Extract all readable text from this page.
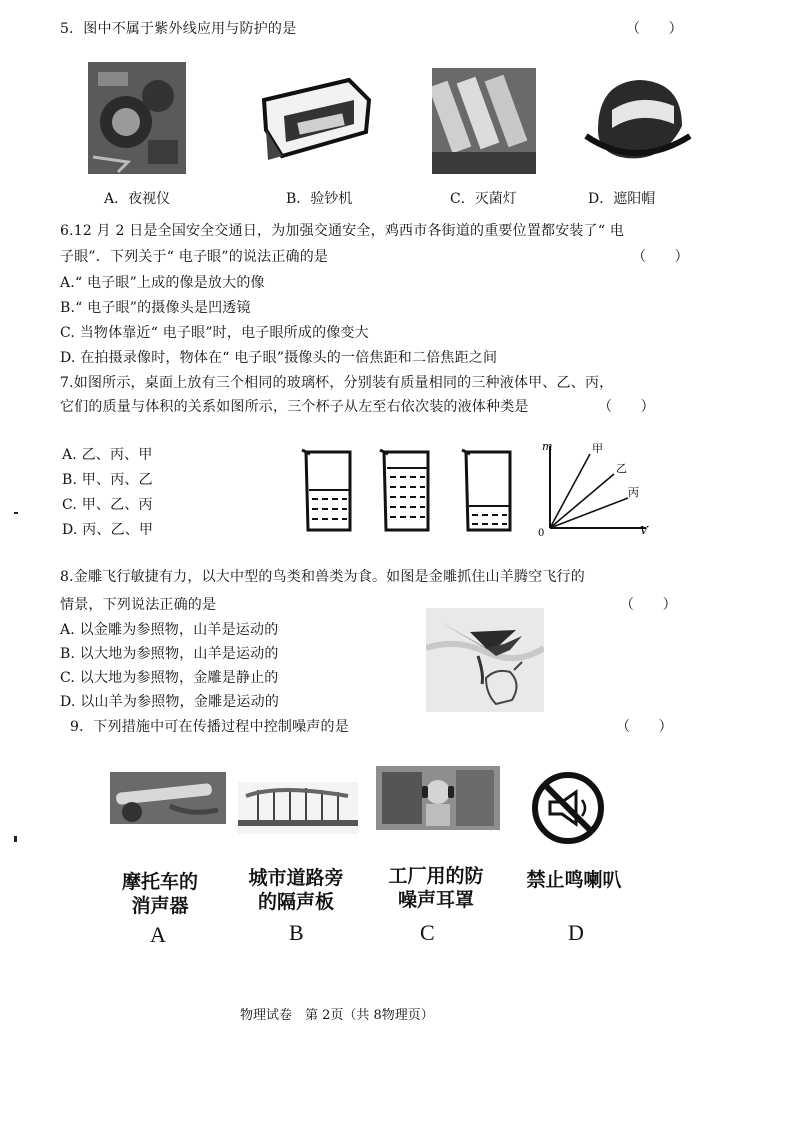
5．图中不属于紫外线应用与防护的是	（　　）
A．夜视仪	B．验钞机	C．灭菌灯	D．遮阳帽
6.12 月 2 日是全国安全交通日，为加强交通安全，鸡西市各街道的重要位置都安装了“ 电
子眼”．下列关于“ 电子眼”的说法正确的是	（　　）
A.“ 电子眼”上成的像是放大的像
B.“ 电子眼”的摄像头是凹透镜
C. 当物体靠近“ 电子眼”时，电子眼所成的像变大
D. 在拍摄录像时，物体在“ 电子眼”摄像头的一倍焦距和二倍焦距之间
7.如图所示，桌面上放有三个相同的玻璃杯，分别装有质量相同的三种液体甲、乙、丙，
它们的质量与体积的关系如图所示，三个杯子从左至右依次装的液体种类是	（　　）
A. 乙、丙、甲
B. 甲、丙、乙
C. 甲、乙、丙
D. 丙、乙、甲
m
V
0
甲
乙
丙
8.金雕飞行敏捷有力，以大中型的鸟类和兽类为食。如图是金雕抓住山羊腾空飞行的
情景，下列说法正确的是	（　　）
A. 以金雕为参照物，山羊是运动的
B. 以大地为参照物，山羊是运动的
C. 以大地为参照物，金雕是静止的
D. 以山羊为参照物，金雕是运动的
9．下列措施中可在传播过程中控制噪声的是	（　　）
摩托车的
消声器
城市道路旁
的隔声板
工厂用的防
噪声耳罩
禁止鸣喇叭
A	B	C	D
物理试卷　第 2页（共 8物理页）
